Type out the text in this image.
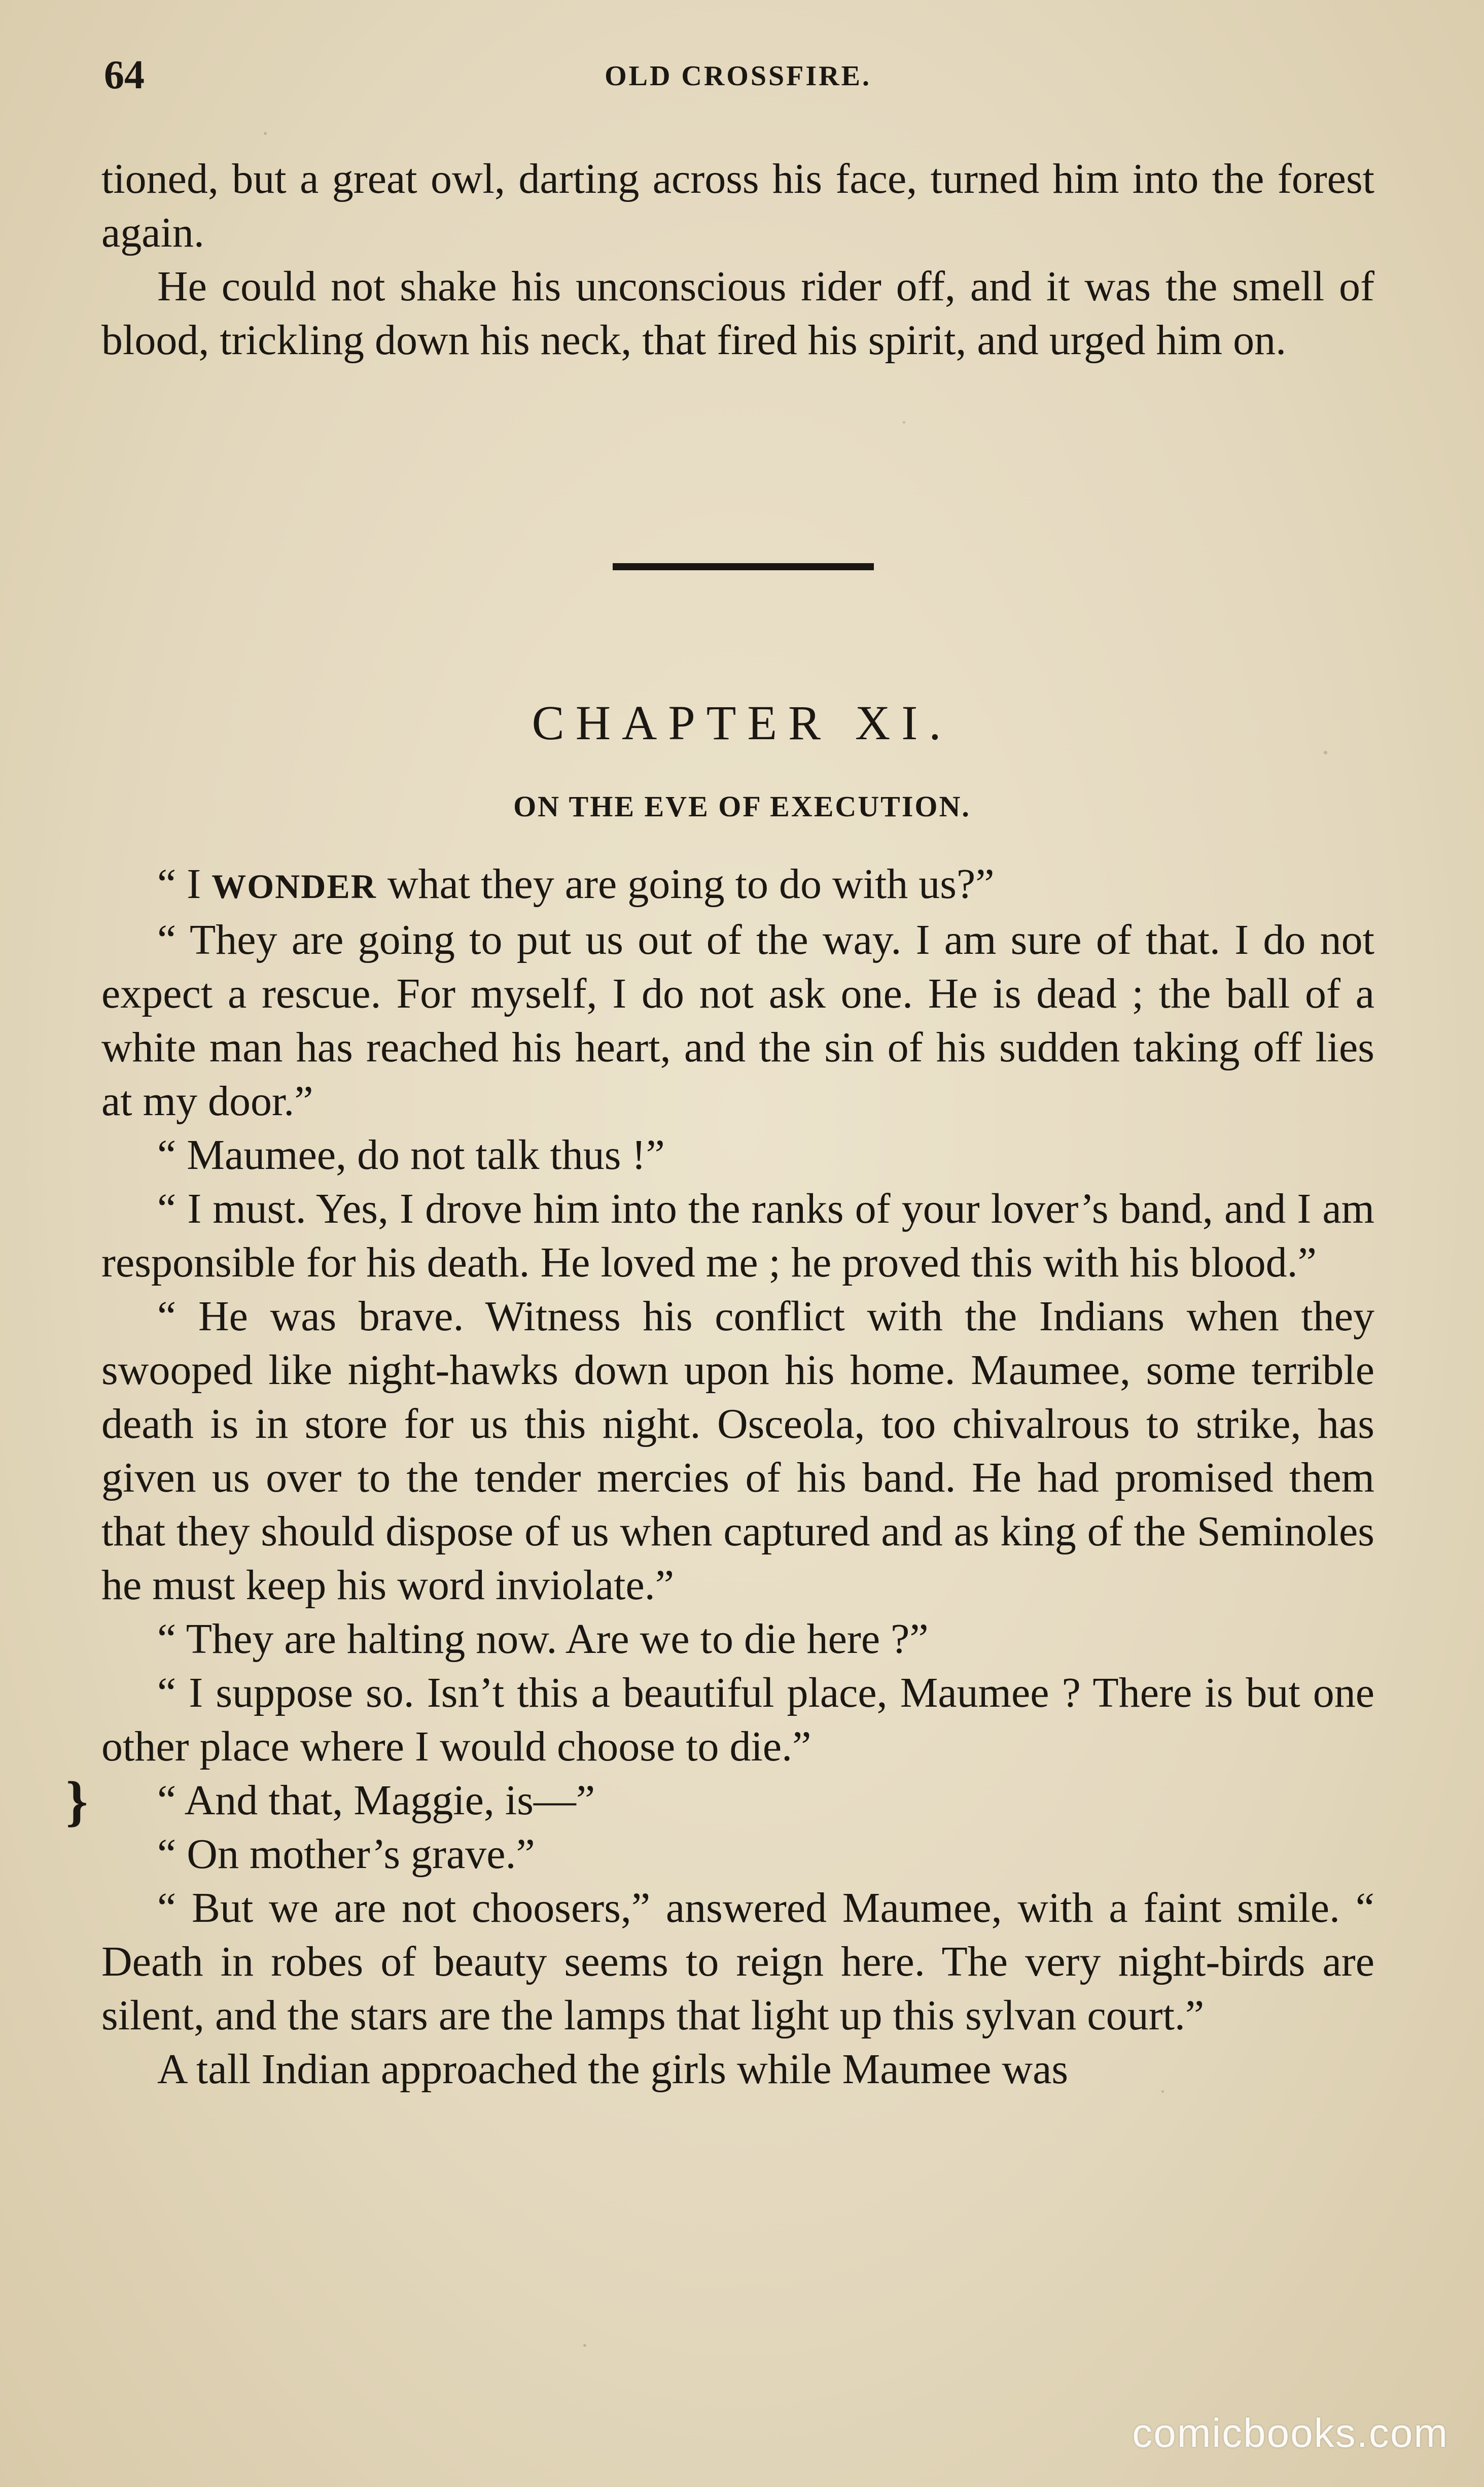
64	OLD CROSSFIRE.

tioned, but a great owl, darting across his face, turned him into the forest again.

He could not shake his unconscious rider off, and it was the smell of blood, trickling down his neck, that fired his spirit, and urged him on.

CHAPTER XI.
ON THE EVE OF EXECUTION.

“ I WONDER what they are going to do with us?”

“ They are going to put us out of the way. I am sure of that. I do not expect a rescue. For myself, I do not ask one. He is dead ; the ball of a white man has reached his heart, and the sin of his sudden taking off lies at my door.”

“ Maumee, do not talk thus !”

“ I must. Yes, I drove him into the ranks of your lover’s band, and I am responsible for his death. He loved me ; he proved this with his blood.”

“ He was brave. Witness his conflict with the Indians when they swooped like night-hawks down upon his home. Maumee, some terrible death is in store for us this night. Osceola, too chivalrous to strike, has given us over to the tender mercies of his band. He had promised them that they should dispose of us when captured and as king of the Seminoles he must keep his word inviolate.”

“ They are halting now. Are we to die here ?”

“ I suppose so. Isn’t this a beautiful place, Maumee ? There is but one other place where I would choose to die.”

“ And that, Maggie, is—”

“ On mother’s grave.”

“ But we are not choosers,” answered Maumee, with a faint smile. “ Death in robes of beauty seems to reign here. The very night-birds are silent, and the stars are the lamps that light up this sylvan court.”

A tall Indian approached the girls while Maumee was

}
comicbooks.com
